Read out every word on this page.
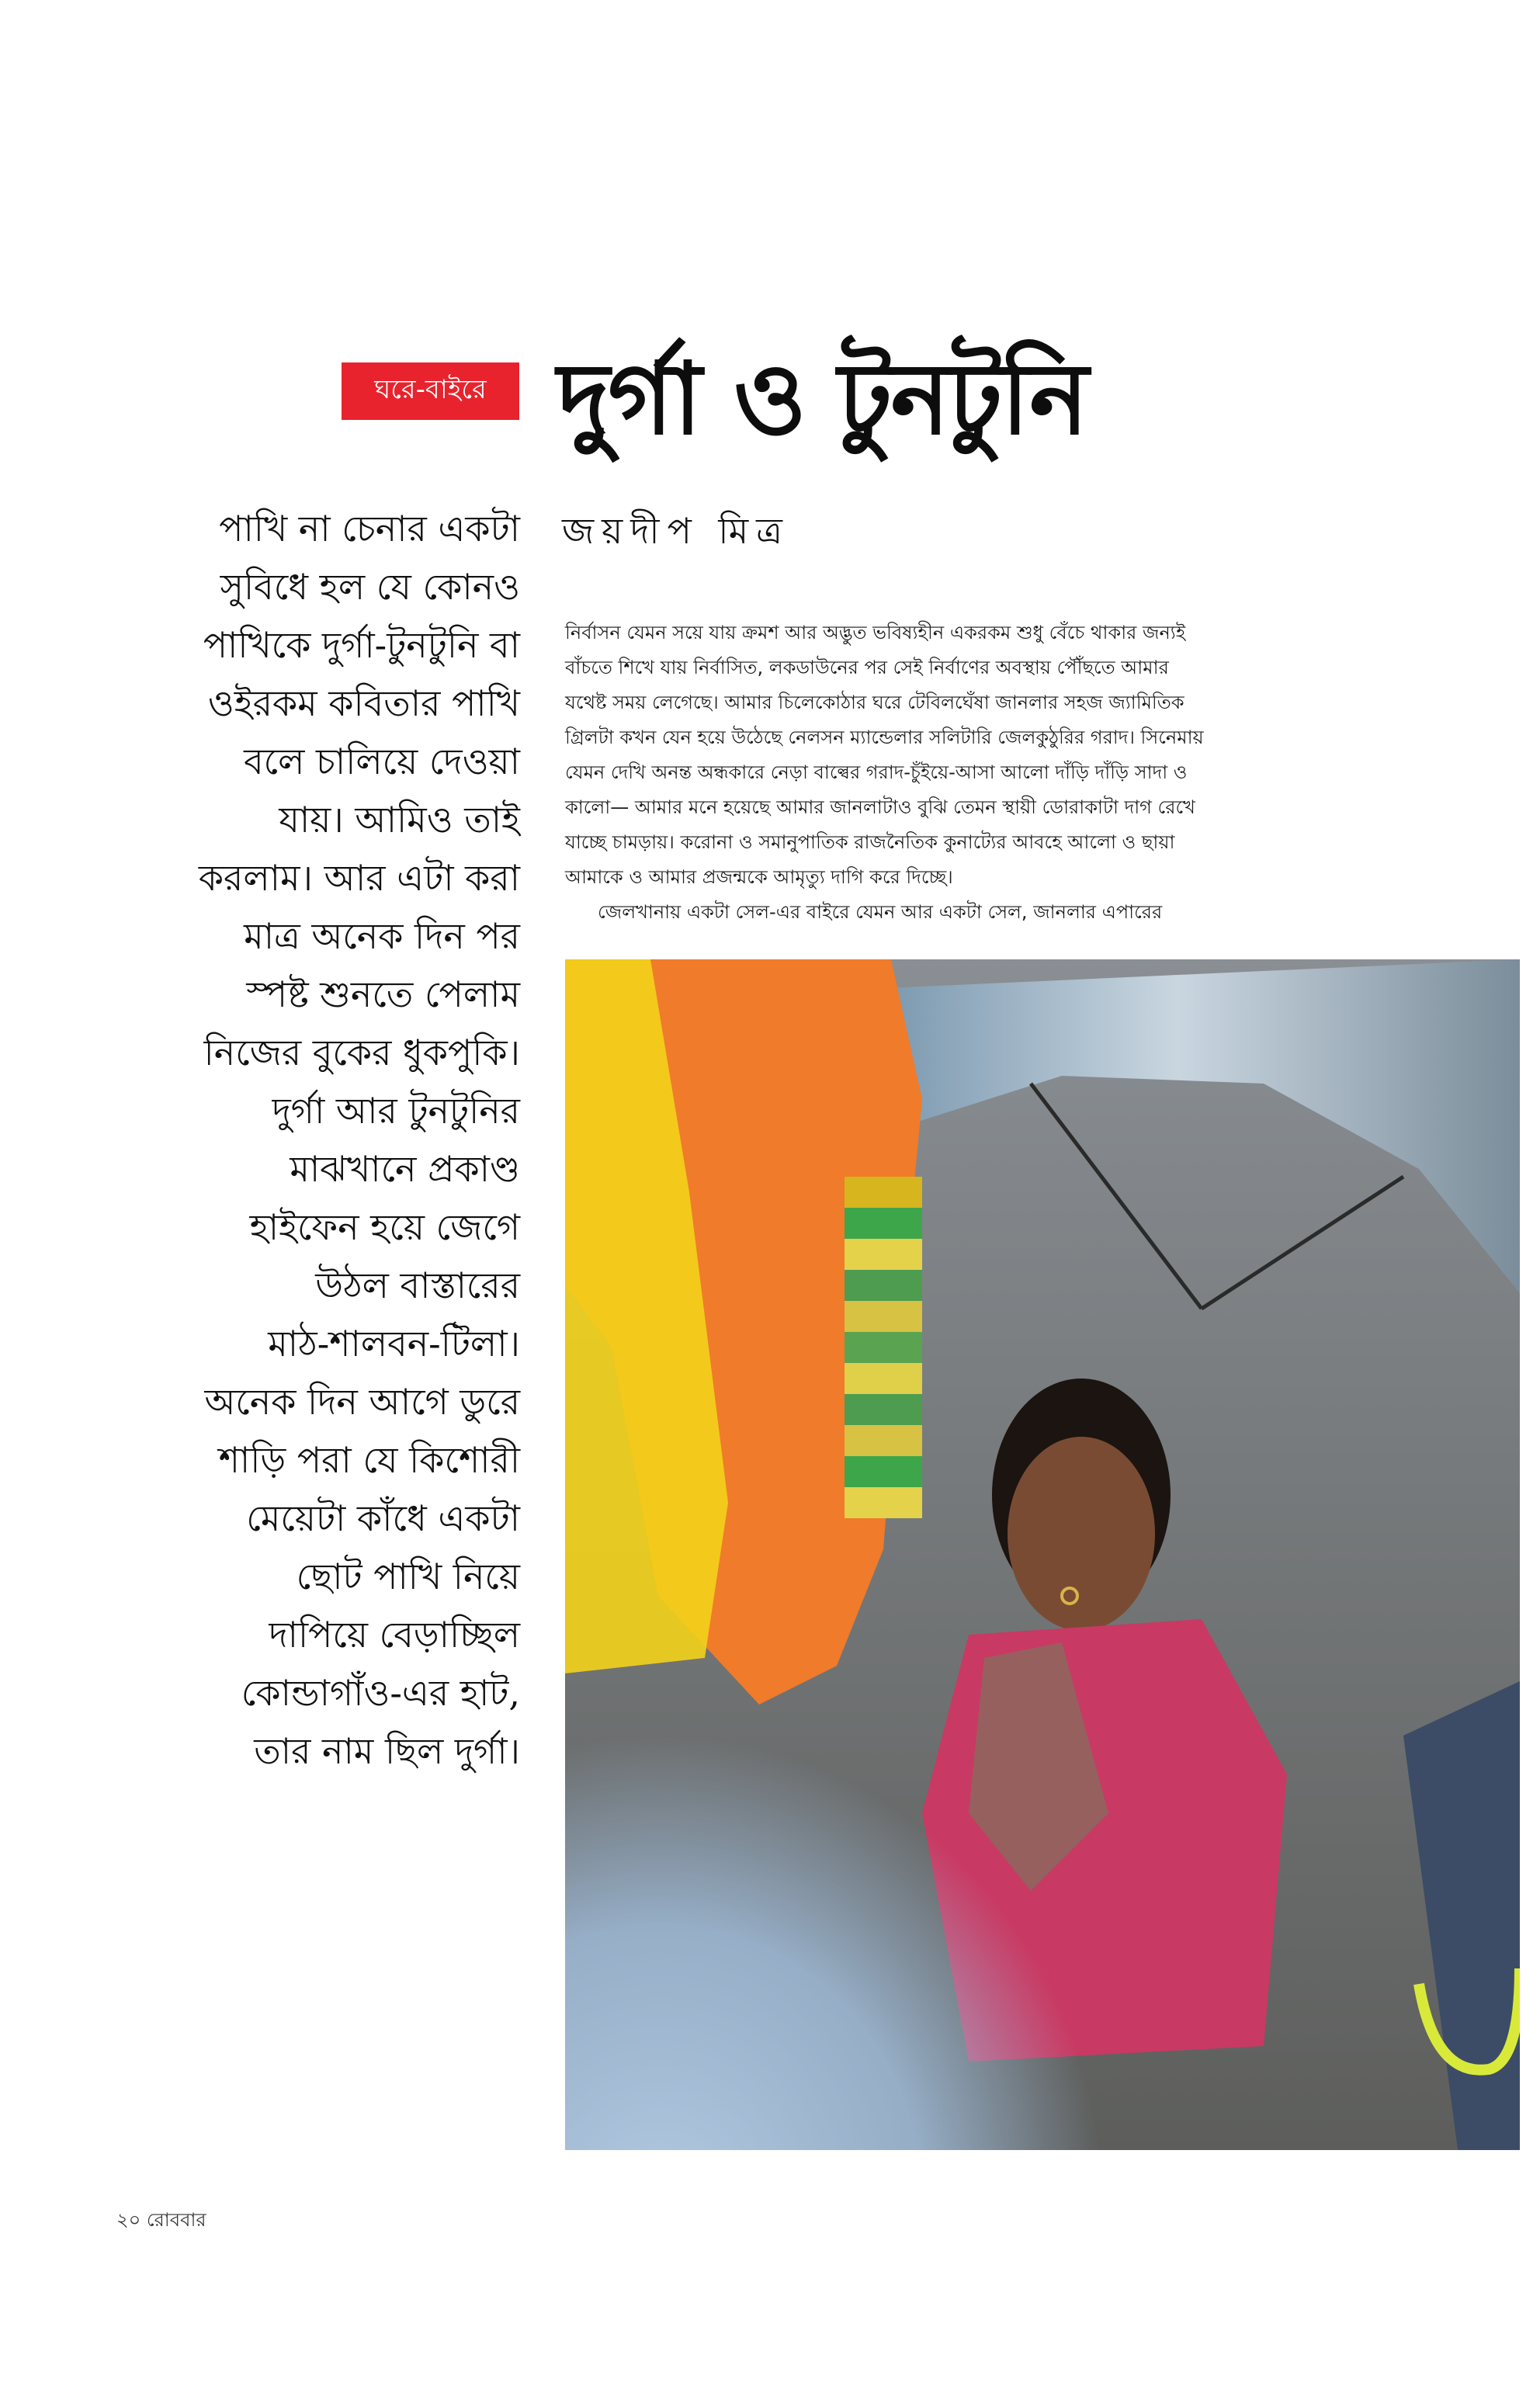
ঘরে-বাইরে দুর্গা ও টুনটুনি
জয়দীপ মিত্র
পাখি না চেনার একটা
সুবিধে হল যে কোনও
পাখিকে দুর্গা-টুনটুনি বা
ওইরকম কবিতার পাখি
বলে চালিয়ে দেওয়া
যায়। আমিও তাই
করলাম। আর এটা করা
মাত্র অনেক দিন পর
স্পষ্ট শুনতে পেলাম
নিজের বুকের ধুকপুকি।
দুর্গা আর টুনটুনির
মাঝখানে প্রকাণ্ড
হাইফেন হয়ে জেগে
উঠল বাস্তারের
মাঠ-শালবন-টিলা।
অনেক দিন আগে ডুরে
শাড়ি পরা যে কিশোরী
মেয়েটা কাঁধে একটা
ছোট পাখি নিয়ে
দাপিয়ে বেড়াচ্ছিল
কোন্ডাগাঁও-এর হাট,
তার নাম ছিল দুর্গা।
নির্বাসন যেমন সয়ে যায় ক্রমশ আর অদ্ভুত ভবিষ্যহীন একরকম শুধু বেঁচে থাকার জন্যই
বাঁচতে শিখে যায় নির্বাসিত, লকডাউনের পর সেই নির্বাণের অবস্থায় পৌঁছতে আমার
যথেষ্ট সময় লেগেছে। আমার চিলেকোঠার ঘরে টেবিলঘেঁষা জানলার সহজ জ্যামিতিক
গ্রিলটা কখন যেন হয়ে উঠেছে নেলসন ম্যান্ডেলার সলিটারি জেলকুঠুরির গরাদ। সিনেমায়
যেমন দেখি অনন্ত অন্ধকারে নেড়া বাল্বের গরাদ-চুঁইয়ে-আসা আলো দাঁড়ি দাঁড়ি সাদা ও
কালো— আমার মনে হয়েছে আমার জানলাটাও বুঝি তেমন স্থায়ী ডোরাকাটা দাগ রেখে
যাচ্ছে চামড়ায়। করোনা ও সমানুপাতিক রাজনৈতিক কুনাট্যের আবহে আলো ও ছায়া
আমাকে ও আমার প্রজন্মকে আমৃত্যু দাগি করে দিচ্ছে।
জেলখানায় একটা সেল-এর বাইরে যেমন আর একটা সেল, জানলার এপারের
২০ রোববার
